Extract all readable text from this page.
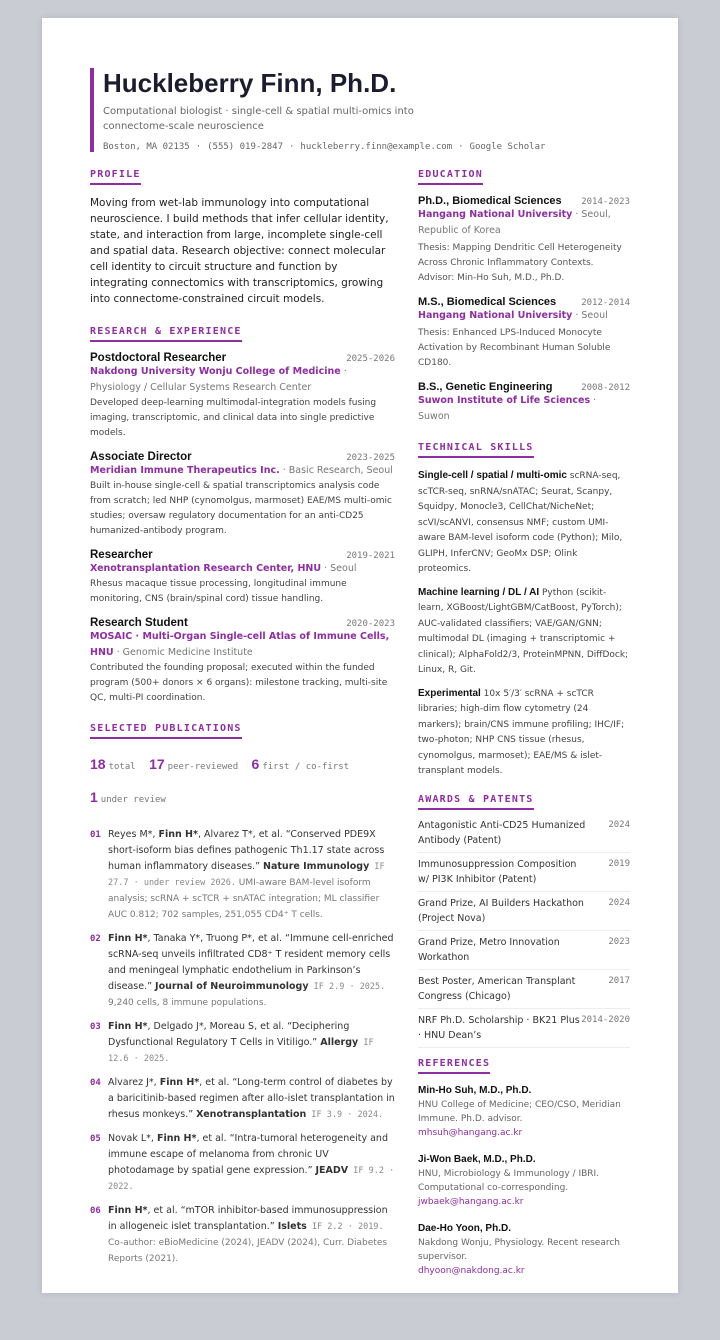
Huckleberry Finn, Ph.D.
Computational biologist · single-cell & spatial multi-omics into connectome-scale neuroscience
Boston, MA 02135 · (555) 019-2847 · huckleberry.finn@example.com · Google Scholar
PROFILE

Moving from wet-lab immunology into computational neuroscience. I build methods that infer cellular identity, state, and interaction from large, incomplete single-cell and spatial data. Research objective: connect molecular cell identity to circuit structure and function by integrating connectomics with transcriptomics, growing into connectome-constrained circuit models.

RESEARCH & EXPERIENCE
Postdoctoral Researcher	2025-2026
Nakdong University Wonju College of Medicine · Physiology / Cellular Systems Research Center
Developed deep-learning multimodal-integration models fusing imaging, transcriptomic, and clinical data into single predictive models.
Associate Director	2023-2025
Meridian Immune Therapeutics Inc. · Basic Research, Seoul
Built in-house single-cell & spatial transcriptomics analysis code from scratch; led NHP (cynomolgus, marmoset) EAE/MS multi-omic studies; oversaw regulatory documentation for an anti-CD25 humanized-antibody program.
Researcher	2019-2021
Xenotransplantation Research Center, HNU · Seoul
Rhesus macaque tissue processing, longitudinal immune monitoring, CNS (brain/spinal cord) tissue handling.
Research Student	2020-2023
MOSAIC · Multi-Organ Single-cell Atlas of Immune Cells, HNU · Genomic Medicine Institute
Contributed the founding proposal; executed within the funded program (500+ donors × 6 organs): milestone tracking, multi-site QC, multi-PI coordination.
SELECTED PUBLICATIONS
18 total 17 peer-reviewed 6 first / co-first
1 under review
01 Reyes M*, Finn H*, Alvarez T*, et al. “Conserved PDE9X short-isoform bias defines pathogenic Th1.17 state across human inflammatory diseases.” Nature Immunology IF 27.7 · under review 2026. UMI-aware BAM-level isoform analysis; scRNA + scTCR + snATAC integration; ML classifier AUC 0.812; 702 samples, 251,055 CD4⁺ T cells.
02 Finn H*, Tanaka Y*, Truong P*, et al. “Immune cell-enriched scRNA-seq unveils infiltrated CD8⁺ T resident memory cells and meningeal lymphatic endothelium in Parkinson’s disease.” Journal of Neuroimmunology IF 2.9 · 2025. 9,240 cells, 8 immune populations.
03 Finn H*, Delgado J*, Moreau S, et al. “Deciphering Dysfunctional Regulatory T Cells in Vitiligo.” Allergy IF 12.6 · 2025.
04 Alvarez J*, Finn H*, et al. “Long-term control of diabetes by a baricitinib-based regimen after allo-islet transplantation in rhesus monkeys.” Xenotransplantation IF 3.9 · 2024.
05 Novak L*, Finn H*, et al. “Intra-tumoral heterogeneity and immune escape of melanoma from chronic UV photodamage by spatial gene expression.” JEADV IF 9.2 · 2022.
06 Finn H*, et al. “mTOR inhibitor-based immunosuppression in allogeneic islet transplantation.” Islets IF 2.2 · 2019. Co-author: eBioMedicine (2024), JEADV (2024), Curr. Diabetes Reports (2021).
EDUCATION
Ph.D., Biomedical Sciences 2014-2023
Hangang National University · Seoul, Republic of Korea
Thesis: Mapping Dendritic Cell Heterogeneity Across Chronic Inflammatory Contexts. Advisor: Min-Ho Suh, M.D., Ph.D.
M.S., Biomedical Sciences	2012-2014
Hangang National University · Seoul
Thesis: Enhanced LPS-Induced Monocyte Activation by Recombinant Human Soluble CD180.
B.S., Genetic Engineering	2008-2012
Suwon Institute of Life Sciences · Suwon
TECHNICAL SKILLS
Single-cell / spatial / multi-omic scRNA-seq, scTCR-seq, snRNA/snATAC; Seurat, Scanpy, Squidpy, Monocle3, CellChat/NicheNet; scVI/scANVI, consensus NMF; custom UMI-aware BAM-level isoform code (Python); Milo, GLIPH, InferCNV; GeoMx DSP; Olink proteomics.
Machine learning / DL / AI Python (scikit-learn, XGBoost/LightGBM/CatBoost, PyTorch); AUC-validated classifiers; VAE/GAN/GNN; multimodal DL (imaging + transcriptomic + clinical); AlphaFold2/3, ProteinMPNN, DiffDock; Linux, R, Git.
Experimental 10x 5′/3′ scRNA + scTCR libraries; high-dim flow cytometry (24 markers); brain/CNS immune profiling; IHC/IF; two-photon; NHP CNS tissue (rhesus, cynomolgus, marmoset); EAE/MS & islet-transplant models.
AWARDS & PATENTS
Antagonistic Anti-CD25 Humanized Antibody (Patent)
2024
Immunosuppression Composition w/ PI3K Inhibitor (Patent)
2019
Grand Prize, AI Builders Hackathon (Project Nova)
2024
Grand Prize, Metro Innovation Workathon
2023
Best Poster, American Transplant Congress (Chicago)
2017
NRF Ph.D. Scholarship · BK21 Plus · HNU Dean’s
2014-2020
REFERENCES
Min-Ho Suh, M.D., Ph.D.
HNU College of Medicine; CEO/CSO, Meridian Immune. Ph.D. advisor.
mhsuh@hangang.ac.kr
Ji-Won Baek, M.D., Ph.D.
HNU, Microbiology & Immunology / IBRI. Computational co-corresponding.
jwbaek@hangang.ac.kr
Dae-Ho Yoon, Ph.D.
Nakdong Wonju, Physiology. Recent research supervisor.
dhyoon@nakdong.ac.kr
